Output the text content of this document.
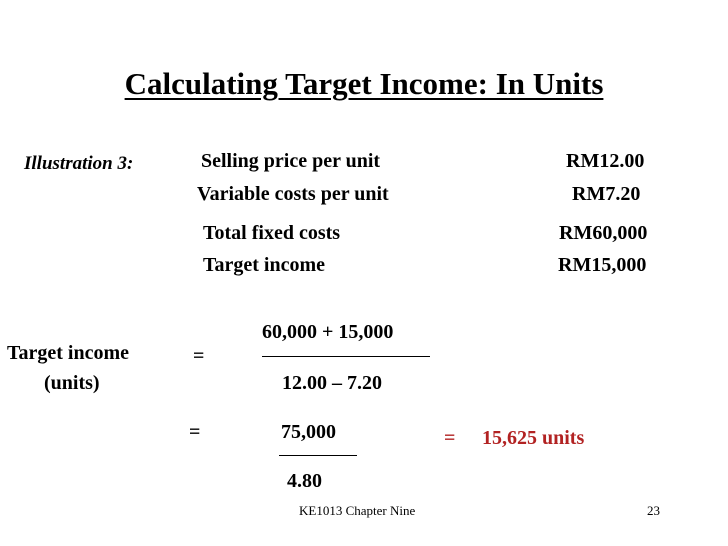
Calculating Target Income: In Units
Illustration 3:	Selling price per unit	RM12.00
Variable costs per unit	RM7.20
Total fixed costs	RM60,000
Target income	RM15,000
Target income
(units)
=
60,000 + 15,000
12.00 – 7.20
=	75,000
4.80
= 15,625 units
KE1013 Chapter Nine	23
